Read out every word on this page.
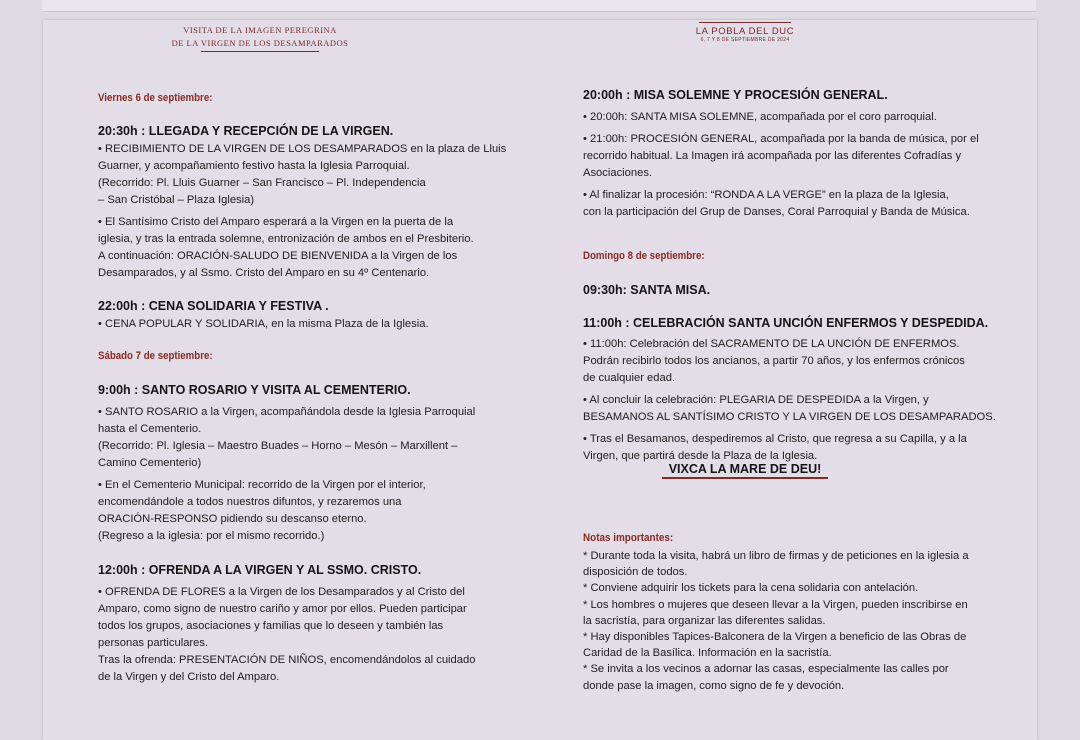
VISITA DE LA IMAGEN PEREGRINA
DE LA VIRGEN DE LOS DESAMPARADOS
LA POBLA DEL DUC
6, 7 Y 8 DE SEPTIEMBRE DE 2024
Viernes 6 de septiembre:
20:30h : LLEGADA Y RECEPCIÓN DE LA VIRGEN.
• RECIBIMIENTO DE LA VIRGEN DE LOS DESAMPARADOS en la plaza de Lluis
Guarner, y acompañamiento festivo hasta la Iglesia Parroquial.
(Recorrido: Pl. Lluis Guarner – San Francisco – Pl. Independencia
– San Cristóbal – Plaza Iglesia)
• El Santísimo Cristo del Amparo esperará a la Virgen en la puerta de la
iglesia, y tras la entrada solemne, entronización de ambos en el Presbiterio.
A continuación: ORACIÓN-SALUDO DE BIENVENIDA a la Virgen de los
Desamparados, y al Ssmo. Cristo del Amparo en su 4º Centenario.
22:00h : CENA SOLIDARIA Y FESTIVA .
• CENA POPULAR Y SOLIDARIA, en la misma Plaza de la Iglesia.
Sábado 7 de septiembre:
9:00h : SANTO ROSARIO Y VISITA AL CEMENTERIO.
• SANTO ROSARIO a la Virgen, acompañándola desde la Iglesia Parroquial
hasta el Cementerio.
(Recorrido: Pl. Iglesia – Maestro Buades – Horno – Mesón – Marxillent –
Camino Cementerio)
• En el Cementerio Municipal: recorrido de la Virgen por el interior,
encomendándole a todos nuestros difuntos, y rezaremos una
ORACIÓN-RESPONSO pidiendo su descanso eterno.
(Regreso a la iglesia: por el mismo recorrido.)
12:00h : OFRENDA A LA VIRGEN Y AL SSMO. CRISTO.
• OFRENDA DE FLORES a la Virgen de los Desamparados y al Cristo del
Amparo, como signo de nuestro cariño y amor por ellos. Pueden participar
todos los grupos, asociaciones y familias que lo deseen y también las
personas particulares.
Tras la ofrenda: PRESENTACIÓN DE NIÑOS, encomendándolos al cuidado
de la Virgen y del Cristo del Amparo.
20:00h : MISA SOLEMNE Y PROCESIÓN GENERAL.
• 20:00h: SANTA MISA SOLEMNE, acompañada por el coro parroquial.
• 21:00h: PROCESIÓN GENERAL, acompañada por la banda de música, por el
recorrido habitual. La Imagen irá acompañada por las diferentes Cofradías y
Asociaciones.
• Al finalizar la procesión: “RONDA A LA VERGE” en la plaza de la Iglesia,
con la participación del Grup de Danses, Coral Parroquial y Banda de Música.
Domingo 8 de septiembre:
09:30h: SANTA MISA.
11:00h : CELEBRACIÓN SANTA UNCIÓN ENFERMOS Y DESPEDIDA.
• 11:00h: Celebración del SACRAMENTO DE LA UNCIÓN DE ENFERMOS.
Podrán recibirlo todos los ancianos, a partir 70 años, y los enfermos crónicos
de cualquier edad.
• Al concluir la celebración: PLEGARIA DE DESPEDIDA a la Virgen, y
BESAMANOS AL SANTÍSIMO CRISTO Y LA VIRGEN DE LOS DESAMPARADOS.
• Tras el Besamanos, despediremos al Cristo, que regresa a su Capilla, y a la
Virgen, que partirá desde la Plaza de la Iglesia.
VIXCA LA MARE DE DEU!
Notas importantes:
* Durante toda la visita, habrá un libro de firmas y de peticiones en la iglesia a
disposición de todos.
* Conviene adquirir los tickets para la cena solidaria con antelación.
* Los hombres o mujeres que deseen llevar a la Virgen, pueden inscribirse en
la sacristía, para organizar las diferentes salidas.
* Hay disponibles Tapices-Balconera de la Virgen a beneficio de las Obras de
Caridad de la Basílica. Información en la sacristía.
* Se invita a los vecinos a adornar las casas, especialmente las calles por
donde pase la imagen, como signo de fe y devoción.
